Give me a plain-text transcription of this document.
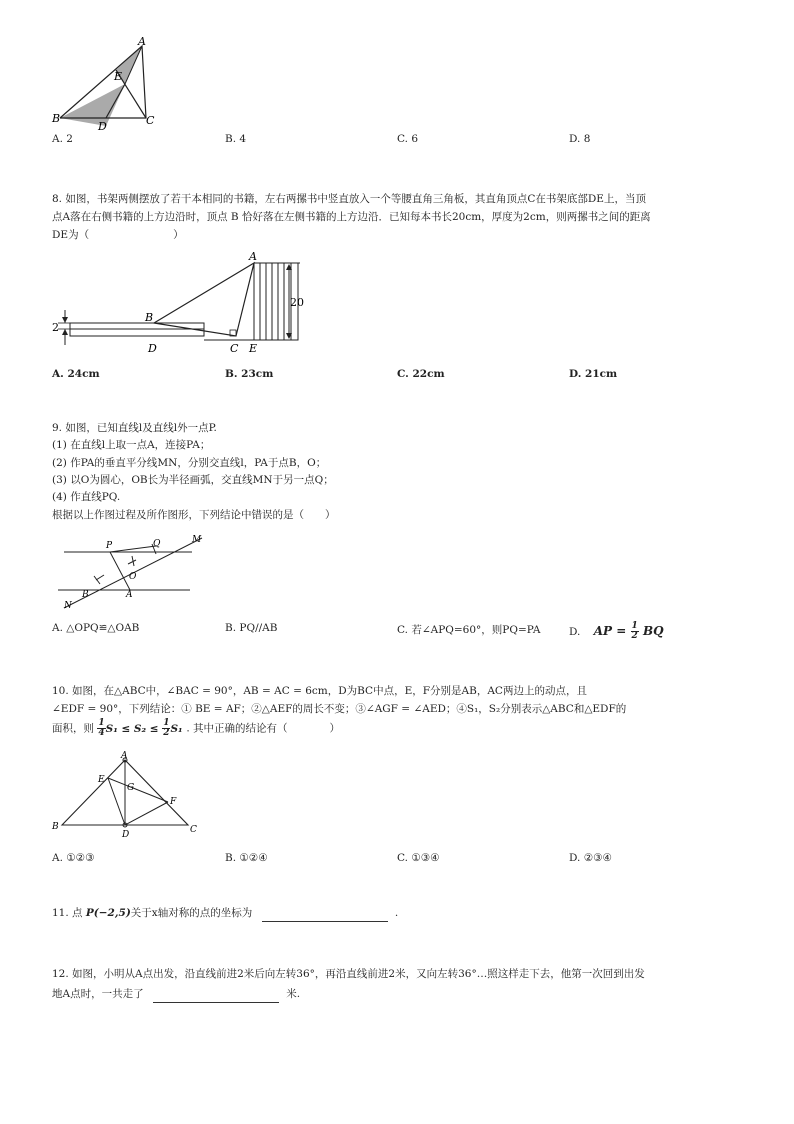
A
E
B
D	C
A. 2	B. 4	C. 6	D. 8
8. 如图，书架两侧摆放了若干本相同的书籍，左右两摞书中竖直放入一个等腰直角三角板，其直角顶点C在书架底部DE上，当顶
点A落在右侧书籍的上方边沿时，顶点 B 恰好落在左侧书籍的上方边沿．已知每本书长20cm，厚度为2cm，则两摞书之间的距离
DE为（　　　　　　　　）
20
2
A
B
D	C E
A. 24cm	B. 23cm	C. 22cm	D. 21cm
9. 如图，已知直线l及直线l外一点P.
(1) 在直线l上取一点A，连接PA；
(2) 作PA的垂直平分线MN，分别交直线l，PA于点B，O；
(3) 以O为圆心，OB长为半径画弧，交直线MN于另一点Q；
(4) 作直线PQ.
根据以上作图过程及所作图形，下列结论中错误的是（　　）
P	Q	M
O
B	A
N
A. △OPQ≌△OAB	B. PQ//AB	C. 若∠APQ=60°，则PQ=PA	D. AP = $\frac{1}{2}$ BQ
10. 如图，在△ABC中，∠BAC = 90°，AB = AC = 6cm，D为BC中点，E，F分别是AB，AC两边上的动点，且
∠EDF = 90°，下列结论：① BE = AF；②△AEF的周长不变；③∠AGF = ∠AED；④S₁，S₂分别表示△ABC和△EDF的
面积，则 $\frac{1}{4} S_1 \le S_2 \le \frac{1}{2} S_1$ . 其中正确的结论有（　　　　）
A
E
G
F
B
D	C
A. ①②③	B. ①②④	C. ①③④	D. ②③④
11. 点 P(−2,5)关于x轴对称的点的坐标为	.
12. 如图，小明从A点出发，沿直线前进2米后向左转36°，再沿直线前进2米，又向左转36°…照这样走下去，他第一次回到出发
地A点时，一共走了	米.
